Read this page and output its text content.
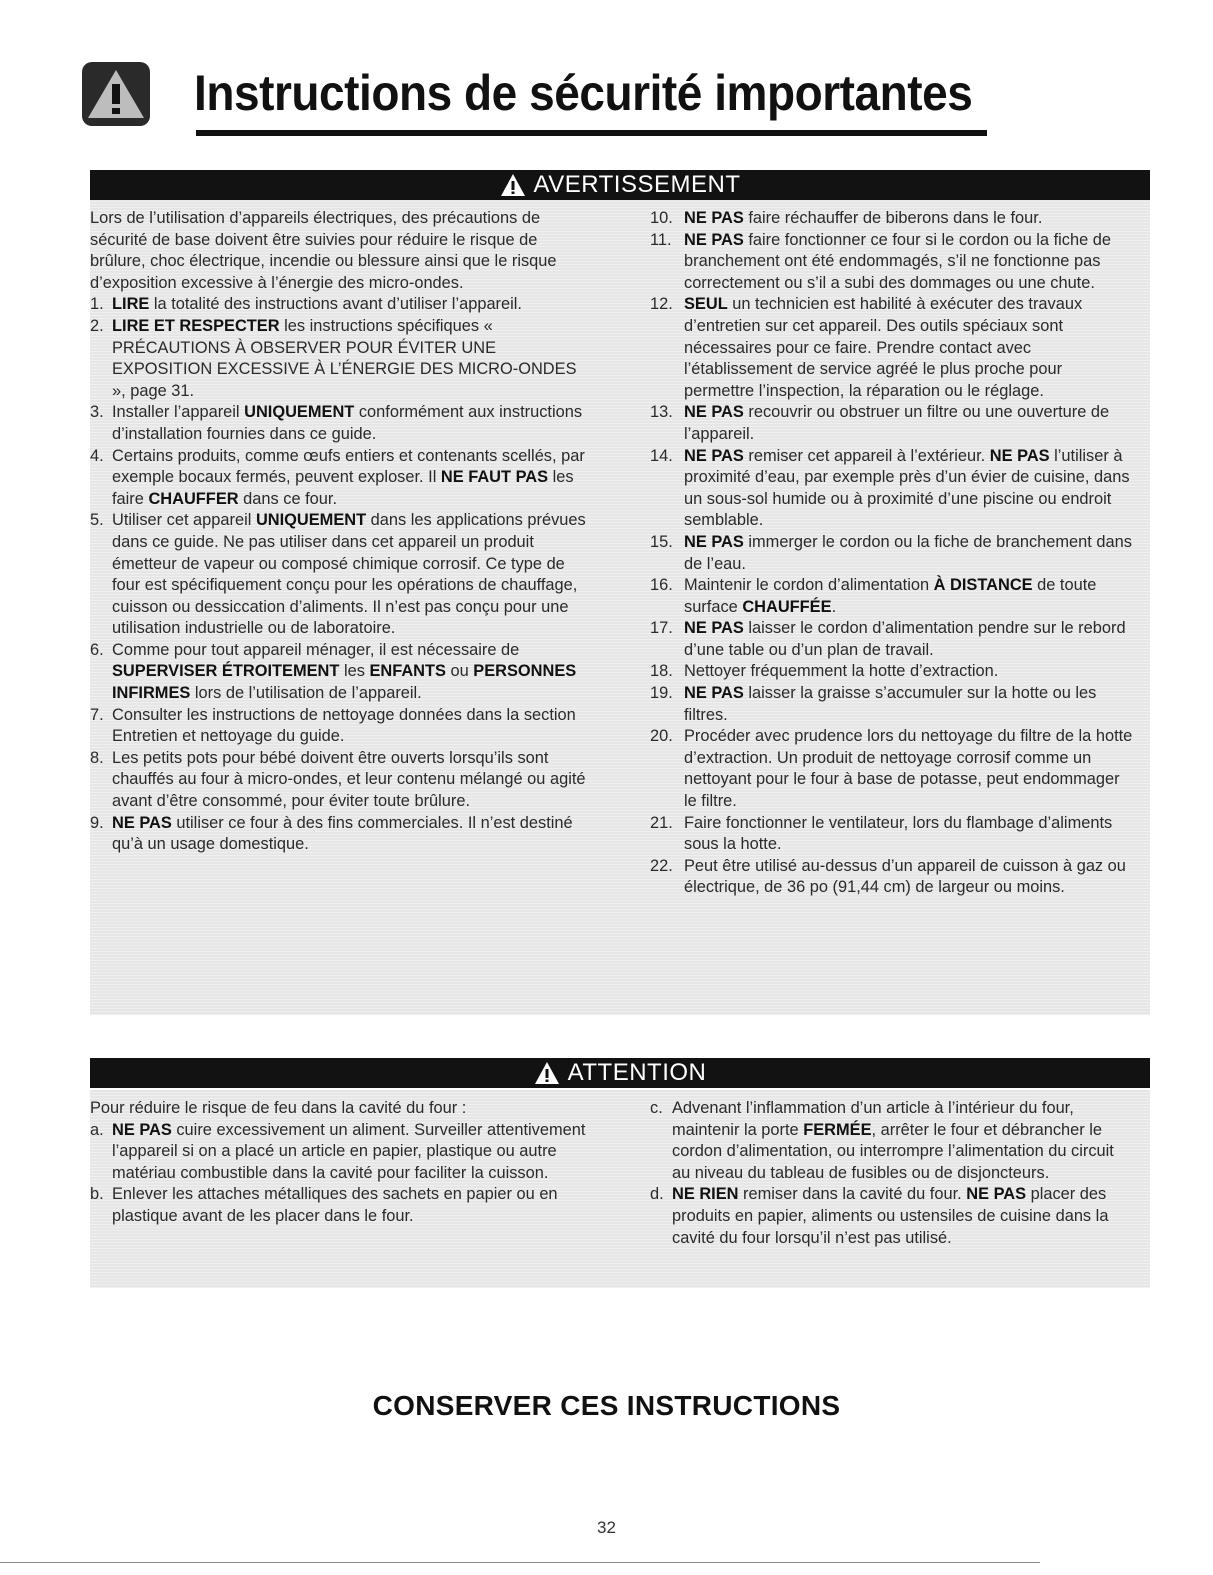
Instructions de sécurité importantes
AVERTISSEMENT

Lors de l’utilisation d’appareils électriques, des précautions de sécurité de base doivent être suivies pour réduire le risque de brûlure, choc électrique, incendie ou blessure ainsi que le risque d’exposition excessive à l’énergie des micro-ondes.

1. LIRE la totalité des instructions avant d’utiliser l’appareil.
2. LIRE ET RESPECTER les instructions spécifiques « PRÉCAUTIONS À OBSERVER POUR ÉVITER UNE EXPOSITION EXCESSIVE À L’ÉNERGIE DES MICRO-ONDES », page 31.
3. Installer l’appareil UNIQUEMENT conformément aux instructions d’installation fournies dans ce guide.
4. Certains produits, comme œufs entiers et contenants scellés, par exemple bocaux fermés, peuvent exploser. Il NE FAUT PAS les faire CHAUFFER dans ce four.
5. Utiliser cet appareil UNIQUEMENT dans les applications prévues dans ce guide. Ne pas utiliser dans cet appareil un produit émetteur de vapeur ou composé chimique corrosif. Ce type de four est spécifiquement conçu pour les opérations de chauffage, cuisson ou dessiccation d’aliments. Il n’est pas conçu pour une utilisation industrielle ou de laboratoire.
6. Comme pour tout appareil ménager, il est nécessaire de SUPERVISER ÉTROITEMENT les ENFANTS ou PERSONNES INFIRMES lors de l’utilisation de l’appareil.
7. Consulter les instructions de nettoyage données dans la section Entretien et nettoyage du guide.
8. Les petits pots pour bébé doivent être ouverts lorsqu’ils sont chauffés au four à micro-ondes, et leur contenu mélangé ou agité avant d’être consommé, pour éviter toute brûlure.
9. NE PAS utiliser ce four à des fins commerciales. Il n’est destiné qu’à un usage domestique.
10. NE PAS faire réchauffer de biberons dans le four.
11. NE PAS faire fonctionner ce four si le cordon ou la fiche de branchement ont été endommagés, s’il ne fonctionne pas correctement ou s’il a subi des dommages ou une chute.
12. SEUL un technicien est habilité à exécuter des travaux d’entretien sur cet appareil. Des outils spéciaux sont nécessaires pour ce faire. Prendre contact avec l’établissement de service agréé le plus proche pour permettre l’inspection, la réparation ou le réglage.
13. NE PAS recouvrir ou obstruer un filtre ou une ouverture de l’appareil.
14. NE PAS remiser cet appareil à l’extérieur. NE PAS l’utiliser à proximité d’eau, par exemple près d’un évier de cuisine, dans un sous-sol humide ou à proximité d’une piscine ou endroit semblable.
15. NE PAS immerger le cordon ou la fiche de branchement dans de l’eau.
16. Maintenir le cordon d’alimentation À DISTANCE de toute surface CHAUFFÉE.
17. NE PAS laisser le cordon d’alimentation pendre sur le rebord d’une table ou d’un plan de travail.
18. Nettoyer fréquemment la hotte d’extraction.
19. NE PAS laisser la graisse s’accumuler sur la hotte ou les filtres.
20. Procéder avec prudence lors du nettoyage du filtre de la hotte d’extraction. Un produit de nettoyage corrosif comme un nettoyant pour le four à base de potasse, peut endommager le filtre.
21. Faire fonctionner le ventilateur, lors du flambage d’aliments sous la hotte.
22. Peut être utilisé au-dessus d’un appareil de cuisson à gaz ou électrique, de 36 po (91,44 cm) de largeur ou moins.
ATTENTION

Pour réduire le risque de feu dans la cavité du four :

a. NE PAS cuire excessivement un aliment. Surveiller attentivement l’appareil si on a placé un article en papier, plastique ou autre matériau combustible dans la cavité pour faciliter la cuisson.
b. Enlever les attaches métalliques des sachets en papier ou en plastique avant de les placer dans le four.
c. Advenant l’inflammation d’un article à l’intérieur du four, maintenir la porte FERMÉE, arrêter le four et débrancher le cordon d’alimentation, ou interrompre l’alimentation du circuit au niveau du tableau de fusibles ou de disjoncteurs.
d. NE RIEN remiser dans la cavité du four. NE PAS placer des produits en papier, aliments ou ustensiles de cuisine dans la cavité du four lorsqu’il n’est pas utilisé.
CONSERVER CES INSTRUCTIONS
32
